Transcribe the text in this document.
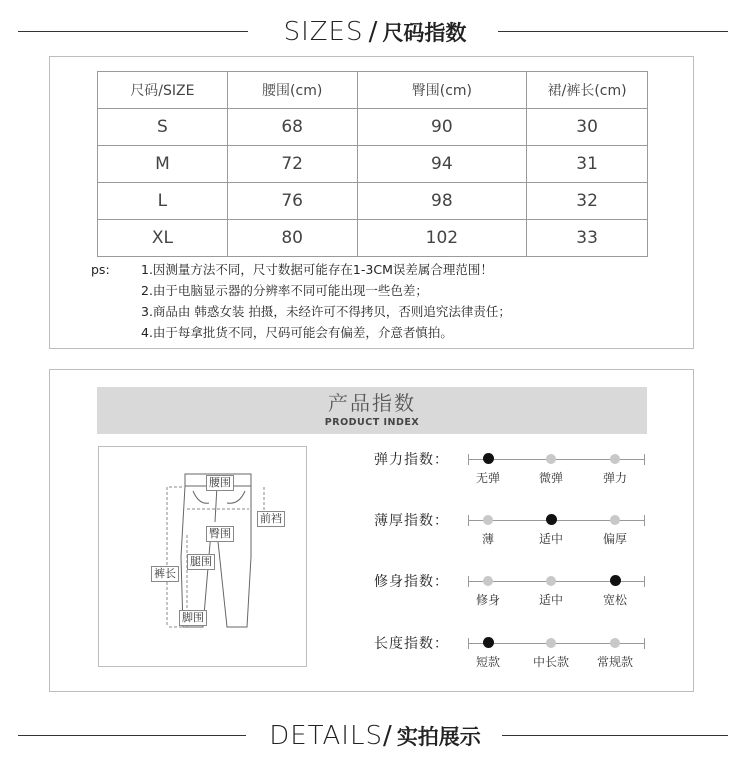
SIZES / 尺码指数
尺码/SIZE	腰围(cm)	臀围(cm)	裙/裤长(cm)
S	68	90	30
M	72	94	31
L	76	98	32
XL	80	102	33
ps:	1.因测量方法不同，尺寸数据可能存在1-3CM误差属合理范围！
2.由于电脑显示器的分辨率不同可能出现一些色差；
3.商品由 韩惑女装 拍摄，未经许可不得拷贝，否则追究法律责任；
4.由于每拿批货不同，尺码可能会有偏差，介意者慎拍。
产品指数
PRODUCT INDEX
腰围
前裆
臀围
腿围
裤长
脚围
弹力指数：
无弹	微弹	弹力
薄厚指数：
薄	适中	偏厚
修身指数：
修身	适中	宽松
长度指数：
短款	中长款	常规款
DETAILS/ 实拍展示
